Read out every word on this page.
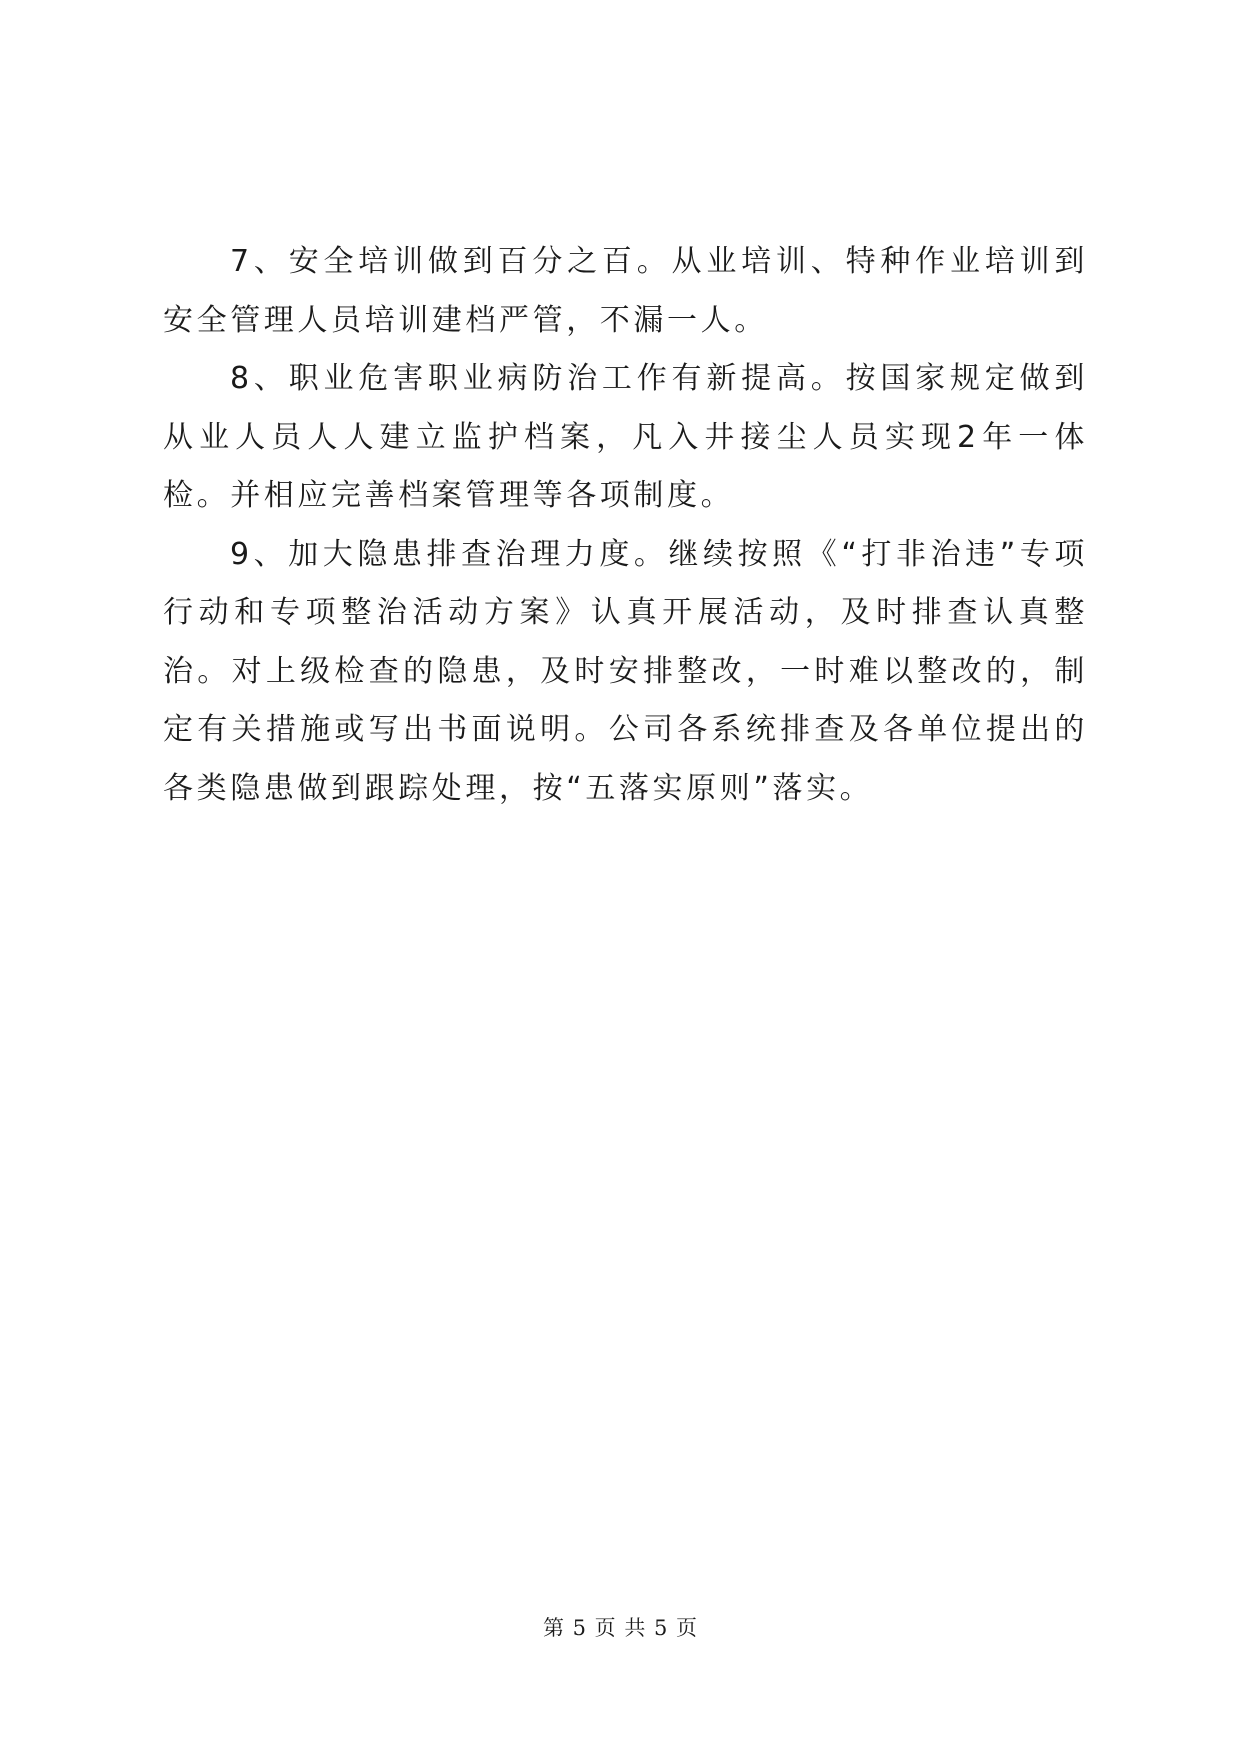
7、安全培训做到百分之百。从业培训、特种作业培训到安全管理人员培训建档严管，不漏一人。

8、职业危害职业病防治工作有新提高。按国家规定做到从业人员人人建立监护档案，凡入井接尘人员实现2年一体检。并相应完善档案管理等各项制度。

9、加大隐患排查治理力度。继续按照《“打非治违”专项行动和专项整治活动方案》认真开展活动，及时排查认真整治。对上级检查的隐患，及时安排整改，一时难以整改的，制定有关措施或写出书面说明。公司各系统排查及各单位提出的各类隐患做到跟踪处理，按“五落实原则”落实。

第 5 页 共 5 页
